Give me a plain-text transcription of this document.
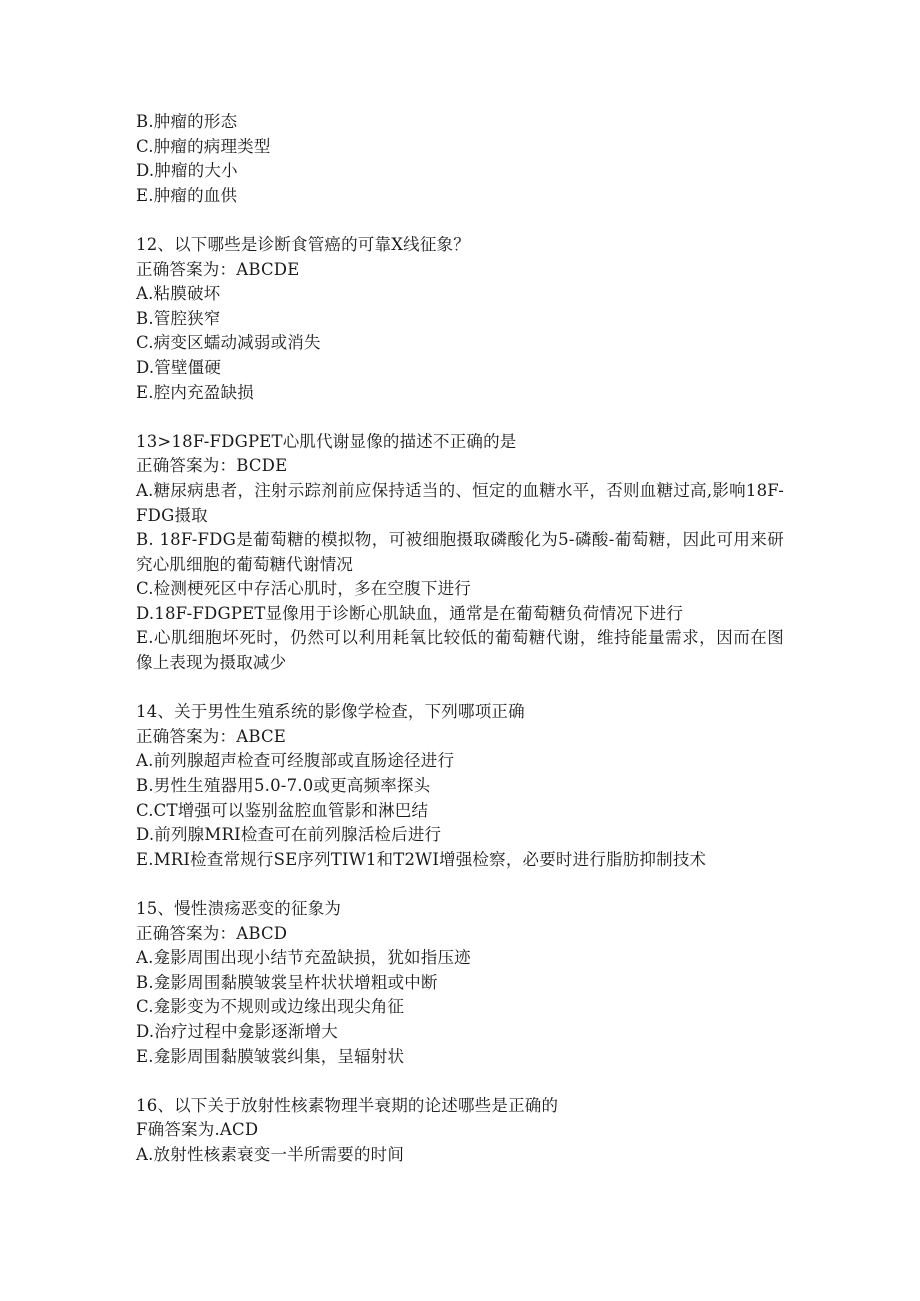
B.肿瘤的形态
C.肿瘤的病理类型
D.肿瘤的大小
E.肿瘤的血供
12、以下哪些是诊断食管癌的可靠X线征象？
正确答案为：ABCDE
A.粘膜破坏
B.管腔狭窄
C.病变区蠕动减弱或消失
D.管壁僵硬
E.腔内充盈缺损
13>18F-FDGPET心肌代谢显像的描述不正确的是
正确答案为：BCDE
A.糖尿病患者，注射示踪剂前应保持适当的、恒定的血糖水平，否则血糖过高,影响18F-FDG摄取
B. 18F-FDG是葡萄糖的模拟物，可被细胞摄取磷酸化为5-磷酸-葡萄糖，因此可用来研究心肌细胞的葡萄糖代谢情况
C.检测梗死区中存活心肌时，多在空腹下进行
D.18F-FDGPET显像用于诊断心肌缺血，通常是在葡萄糖负荷情况下进行
E.心肌细胞坏死时，仍然可以利用耗氧比较低的葡萄糖代谢，维持能量需求，因而在图像上表现为摄取减少
14、关于男性生殖系统的影像学检查，下列哪项正确
正确答案为：ABCE
A.前列腺超声检查可经腹部或直肠途径进行
B.男性生殖器用5.0-7.0或更高频率探头
C.CT增强可以鉴别盆腔血管影和淋巴结
D.前列腺MRI检查可在前列腺活检后进行
E.MRI检查常规行SE序列TIW1和T2WI增强检察，必要时进行脂肪抑制技术
15、慢性溃疡恶变的征象为
正确答案为：ABCD
A.龛影周围出现小结节充盈缺损，犹如指压迹
B.龛影周围黏膜皱裳呈杵状状增粗或中断
C.龛影变为不规则或边缘出现尖角征
D.治疗过程中龛影逐渐增大
E.龛影周围黏膜皱裳纠集，呈辐射状
16、以下关于放射性核素物理半衰期的论述哪些是正确的
F确答案为.ACD
A.放射性核素衰变一半所需要的时间
